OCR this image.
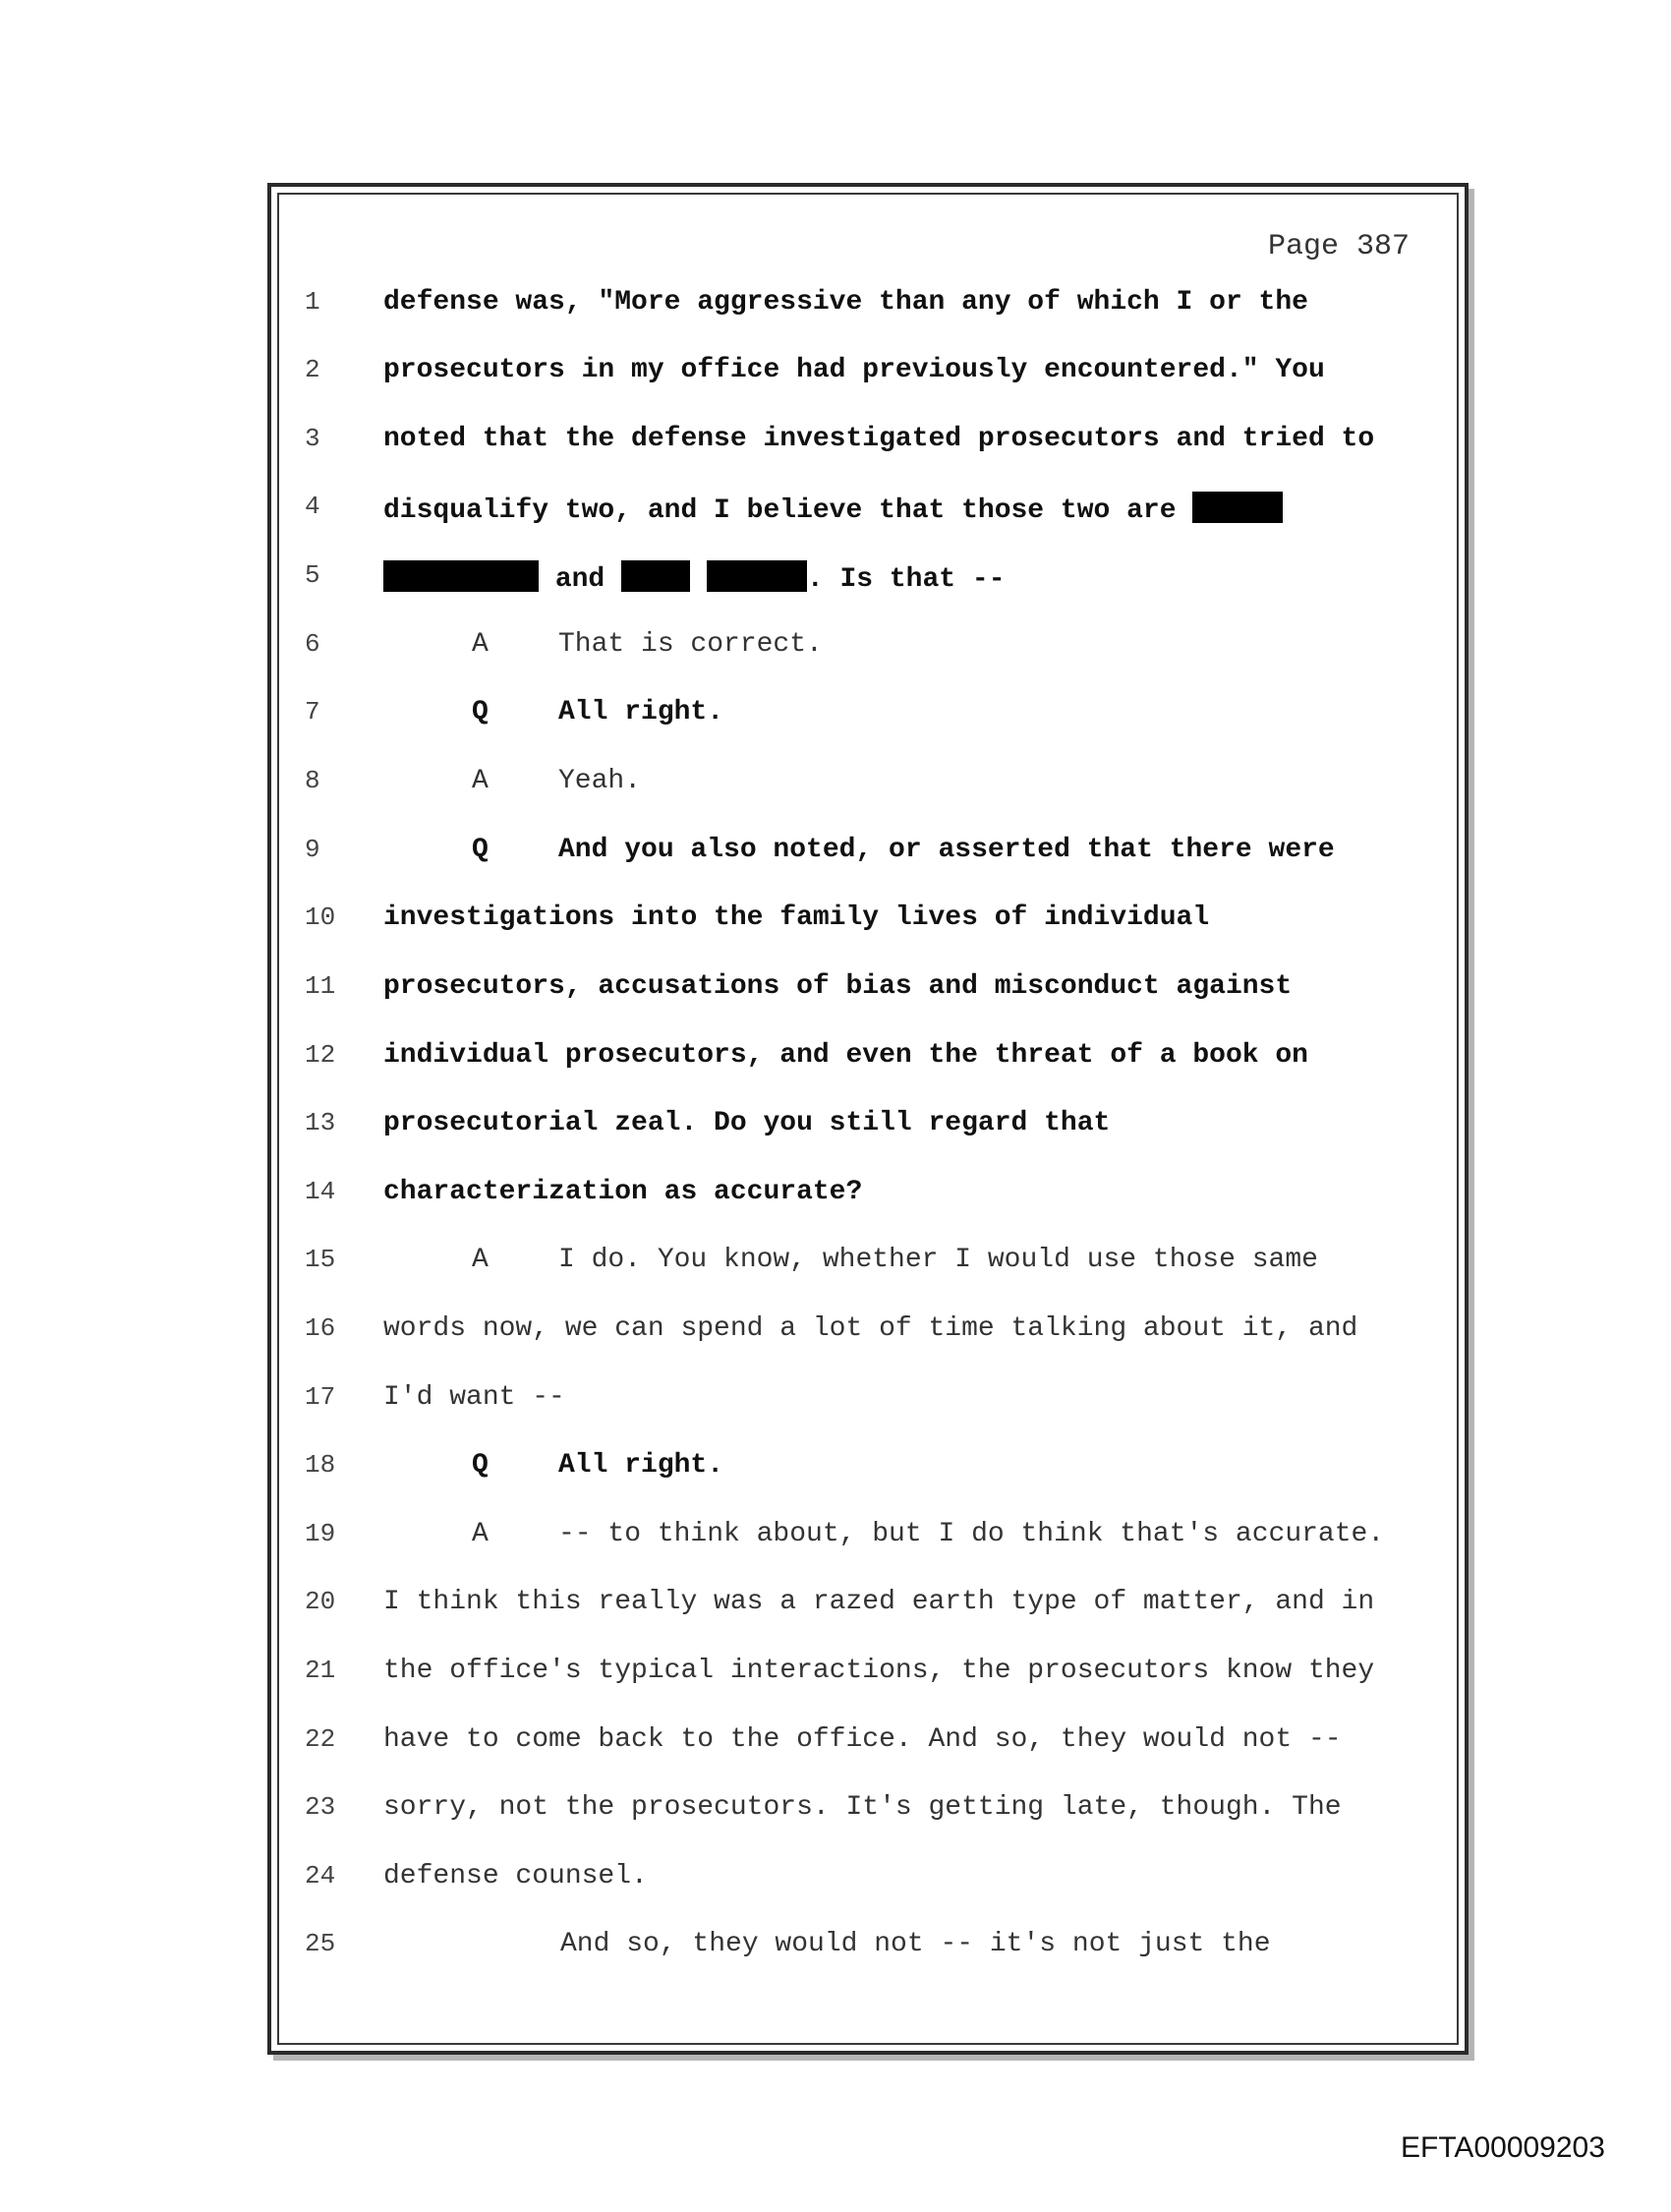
Page 387
1	defense was, "More aggressive than any of which I or the
2	prosecutors in my office had previously encountered." You
3	noted that the defense investigated prosecutors and tried to
4	disqualify two, and I believe that those two are
5	and	. Is that --
6	A	That is correct.
7	Q	All right.
8	A	Yeah.
9	Q	And you also noted, or asserted that there were
10	investigations into the family lives of individual
11	prosecutors, accusations of bias and misconduct against
12	individual prosecutors, and even the threat of a book on
13	prosecutorial zeal. Do you still regard that
14	characterization as accurate?
15	A	I do. You know, whether I would use those same
16	words now, we can spend a lot of time talking about it, and
17	I'd want --
18	Q	All right.
19	A	-- to think about, but I do think that's accurate.
20	I think this really was a razed earth type of matter, and in
21	the office's typical interactions, the prosecutors know they
22	have to come back to the office. And so, they would not --
23	sorry, not the prosecutors. It's getting late, though. The
24	defense counsel.
25	And so, they would not -- it's not just the
EFTA00009203
